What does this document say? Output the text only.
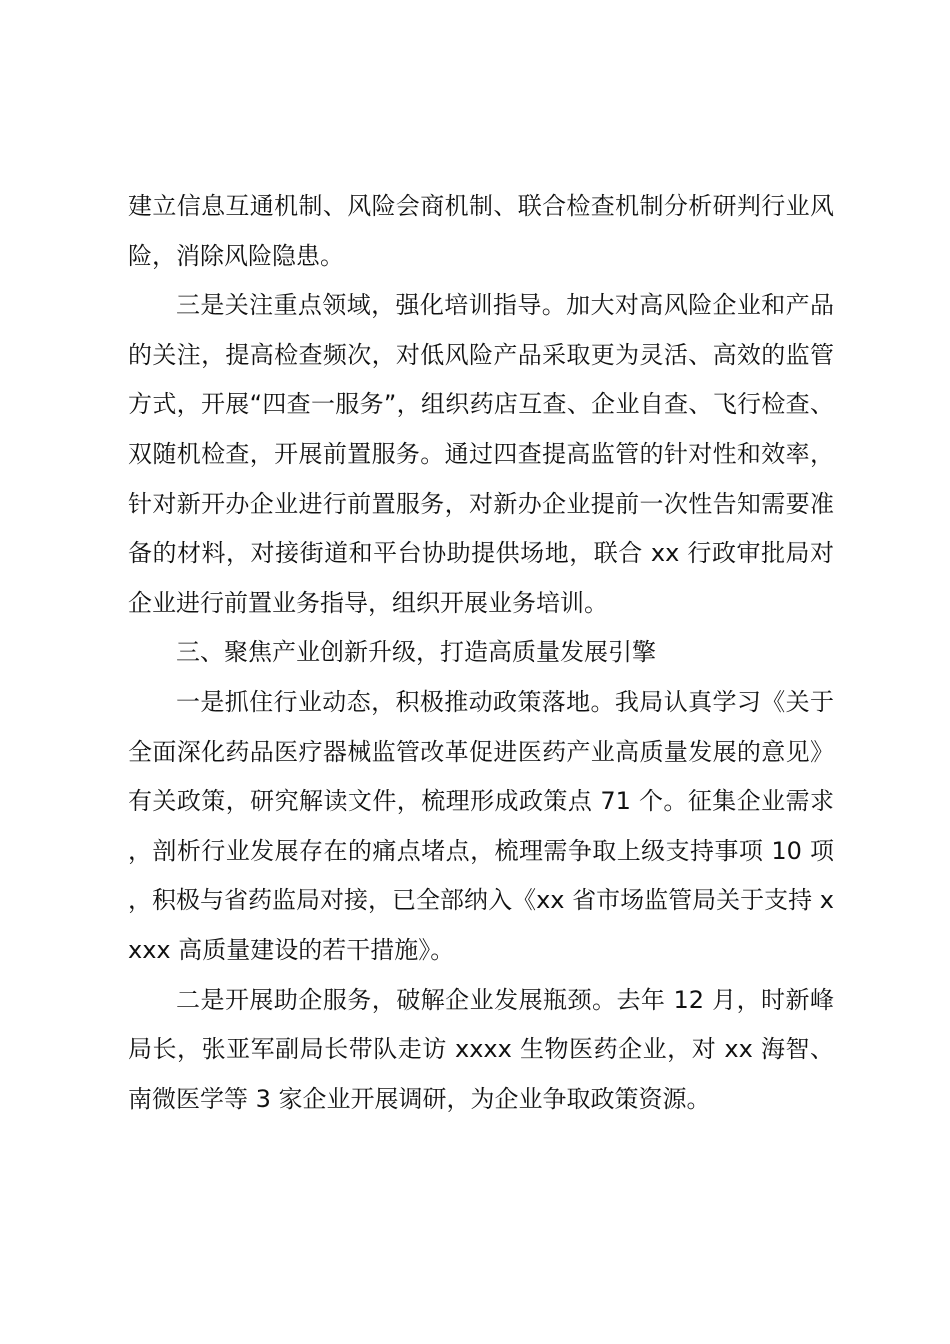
建立信息互通机制、风险会商机制、联合检查机制分析研判行业风险，消除风险隐患。

三是关注重点领域，强化培训指导。加大对高风险企业和产品的关注，提高检查频次，对低风险产品采取更为灵活、高效的监管方式，开展“四查一服务”，组织药店互查、企业自查、飞行检查、双随机检查，开展前置服务。通过四查提高监管的针对性和效率，针对新开办企业进行前置服务，对新办企业提前一次性告知需要准备的材料，对接街道和平台协助提供场地，联合 xx 行政审批局对企业进行前置业务指导，组织开展业务培训。

三、聚焦产业创新升级，打造高质量发展引擎

一是抓住行业动态，积极推动政策落地。我局认真学习《关于全面深化药品医疗器械监管改革促进医药产业高质量发展的意见》有关政策，研究解读文件，梳理形成政策点 71 个。征集企业需求，剖析行业发展存在的痛点堵点，梳理需争取上级支持事项 10 项，积极与省药监局对接，已全部纳入《xx 省市场监管局关于支持 xxxx 高质量建设的若干措施》。

二是开展助企服务，破解企业发展瓶颈。去年 12 月，时新峰局长，张亚军副局长带队走访 xxxx 生物医药企业，对 xx 海智、南微医学等 3 家企业开展调研，为企业争取政策资源。
